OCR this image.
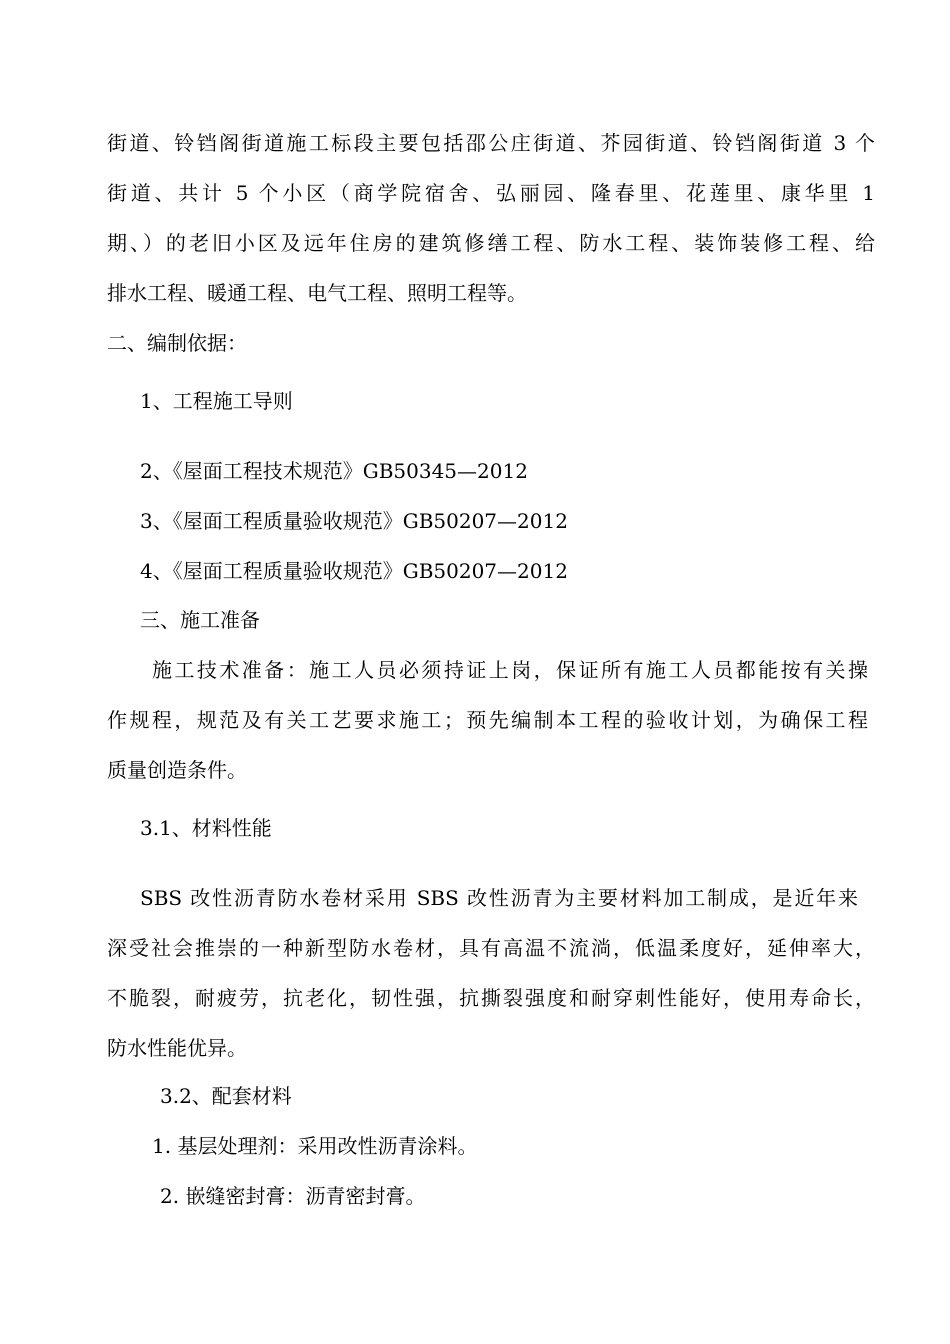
街道、铃铛阁街道施工标段主要包括邵公庄街道、芥园街道、铃铛阁街道 3 个
街道、共计 5 个小区（商学院宿舍、弘丽园、隆春里、花莲里、康华里 1
期、）的老旧小区及远年住房的建筑修缮工程、防水工程、装饰装修工程、给
排水工程、暖通工程、电气工程、照明工程等。
二、编制依据：
1、工程施工导则
2、《屋面工程技术规范》GB50345—2012
3、《屋面工程质量验收规范》GB50207—2012
4、《屋面工程质量验收规范》GB50207—2012
三、施工准备
施工技术准备：施工人员必须持证上岗，保证所有施工人员都能按有关操
作规程，规范及有关工艺要求施工；预先编制本工程的验收计划，为确保工程
质量创造条件。
3.1、材料性能
SBS 改性沥青防水卷材采用 SBS 改性沥青为主要材料加工制成，是近年来
深受社会推崇的一种新型防水卷材，具有高温不流淌，低温柔度好，延伸率大，
不脆裂，耐疲劳，抗老化，韧性强，抗撕裂强度和耐穿刺性能好，使用寿命长，
防水性能优异。
3.2、配套材料
1. 基层处理剂：采用改性沥青涂料。
2. 嵌缝密封膏：沥青密封膏。
